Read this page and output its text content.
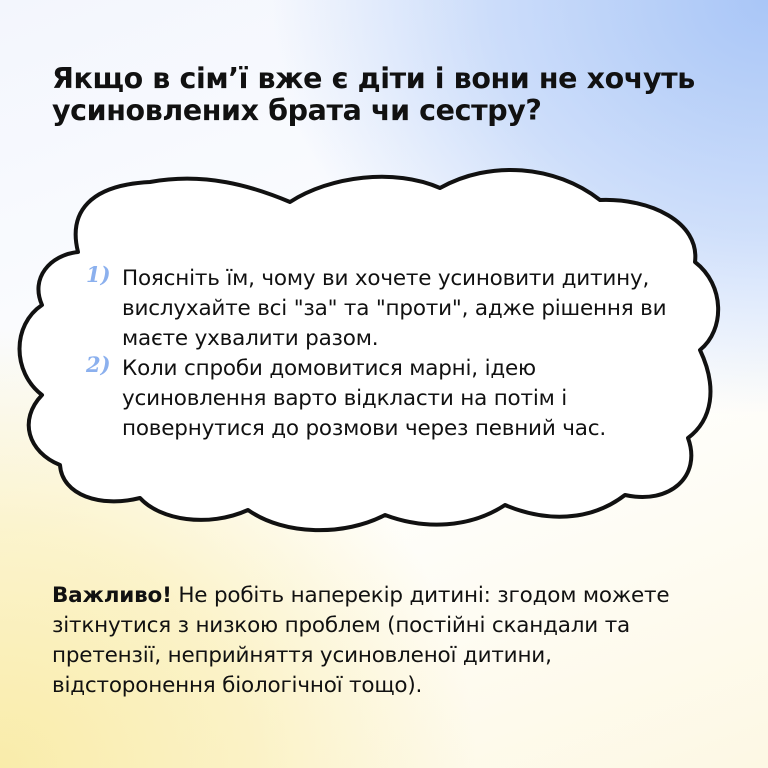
Якщо в сім’ї вже є діти і вони не хочуть усиновлених брата чи сестру?
1) Поясніть їм, чому ви хочете усиновити дитину, вислухайте всі "за" та "проти", адже рішення ви маєте ухвалити разом.
2) Коли спроби домовитися марні, ідею усиновлення варто відкласти на потім і повернутися до розмови через певний час.

Важливо! Не робіть наперекір дитині: згодом можете зіткнутися з низкою проблем (постійні скандали та претензії, неприйняття усиновленої дитини, відсторонення біологічної тощо).
